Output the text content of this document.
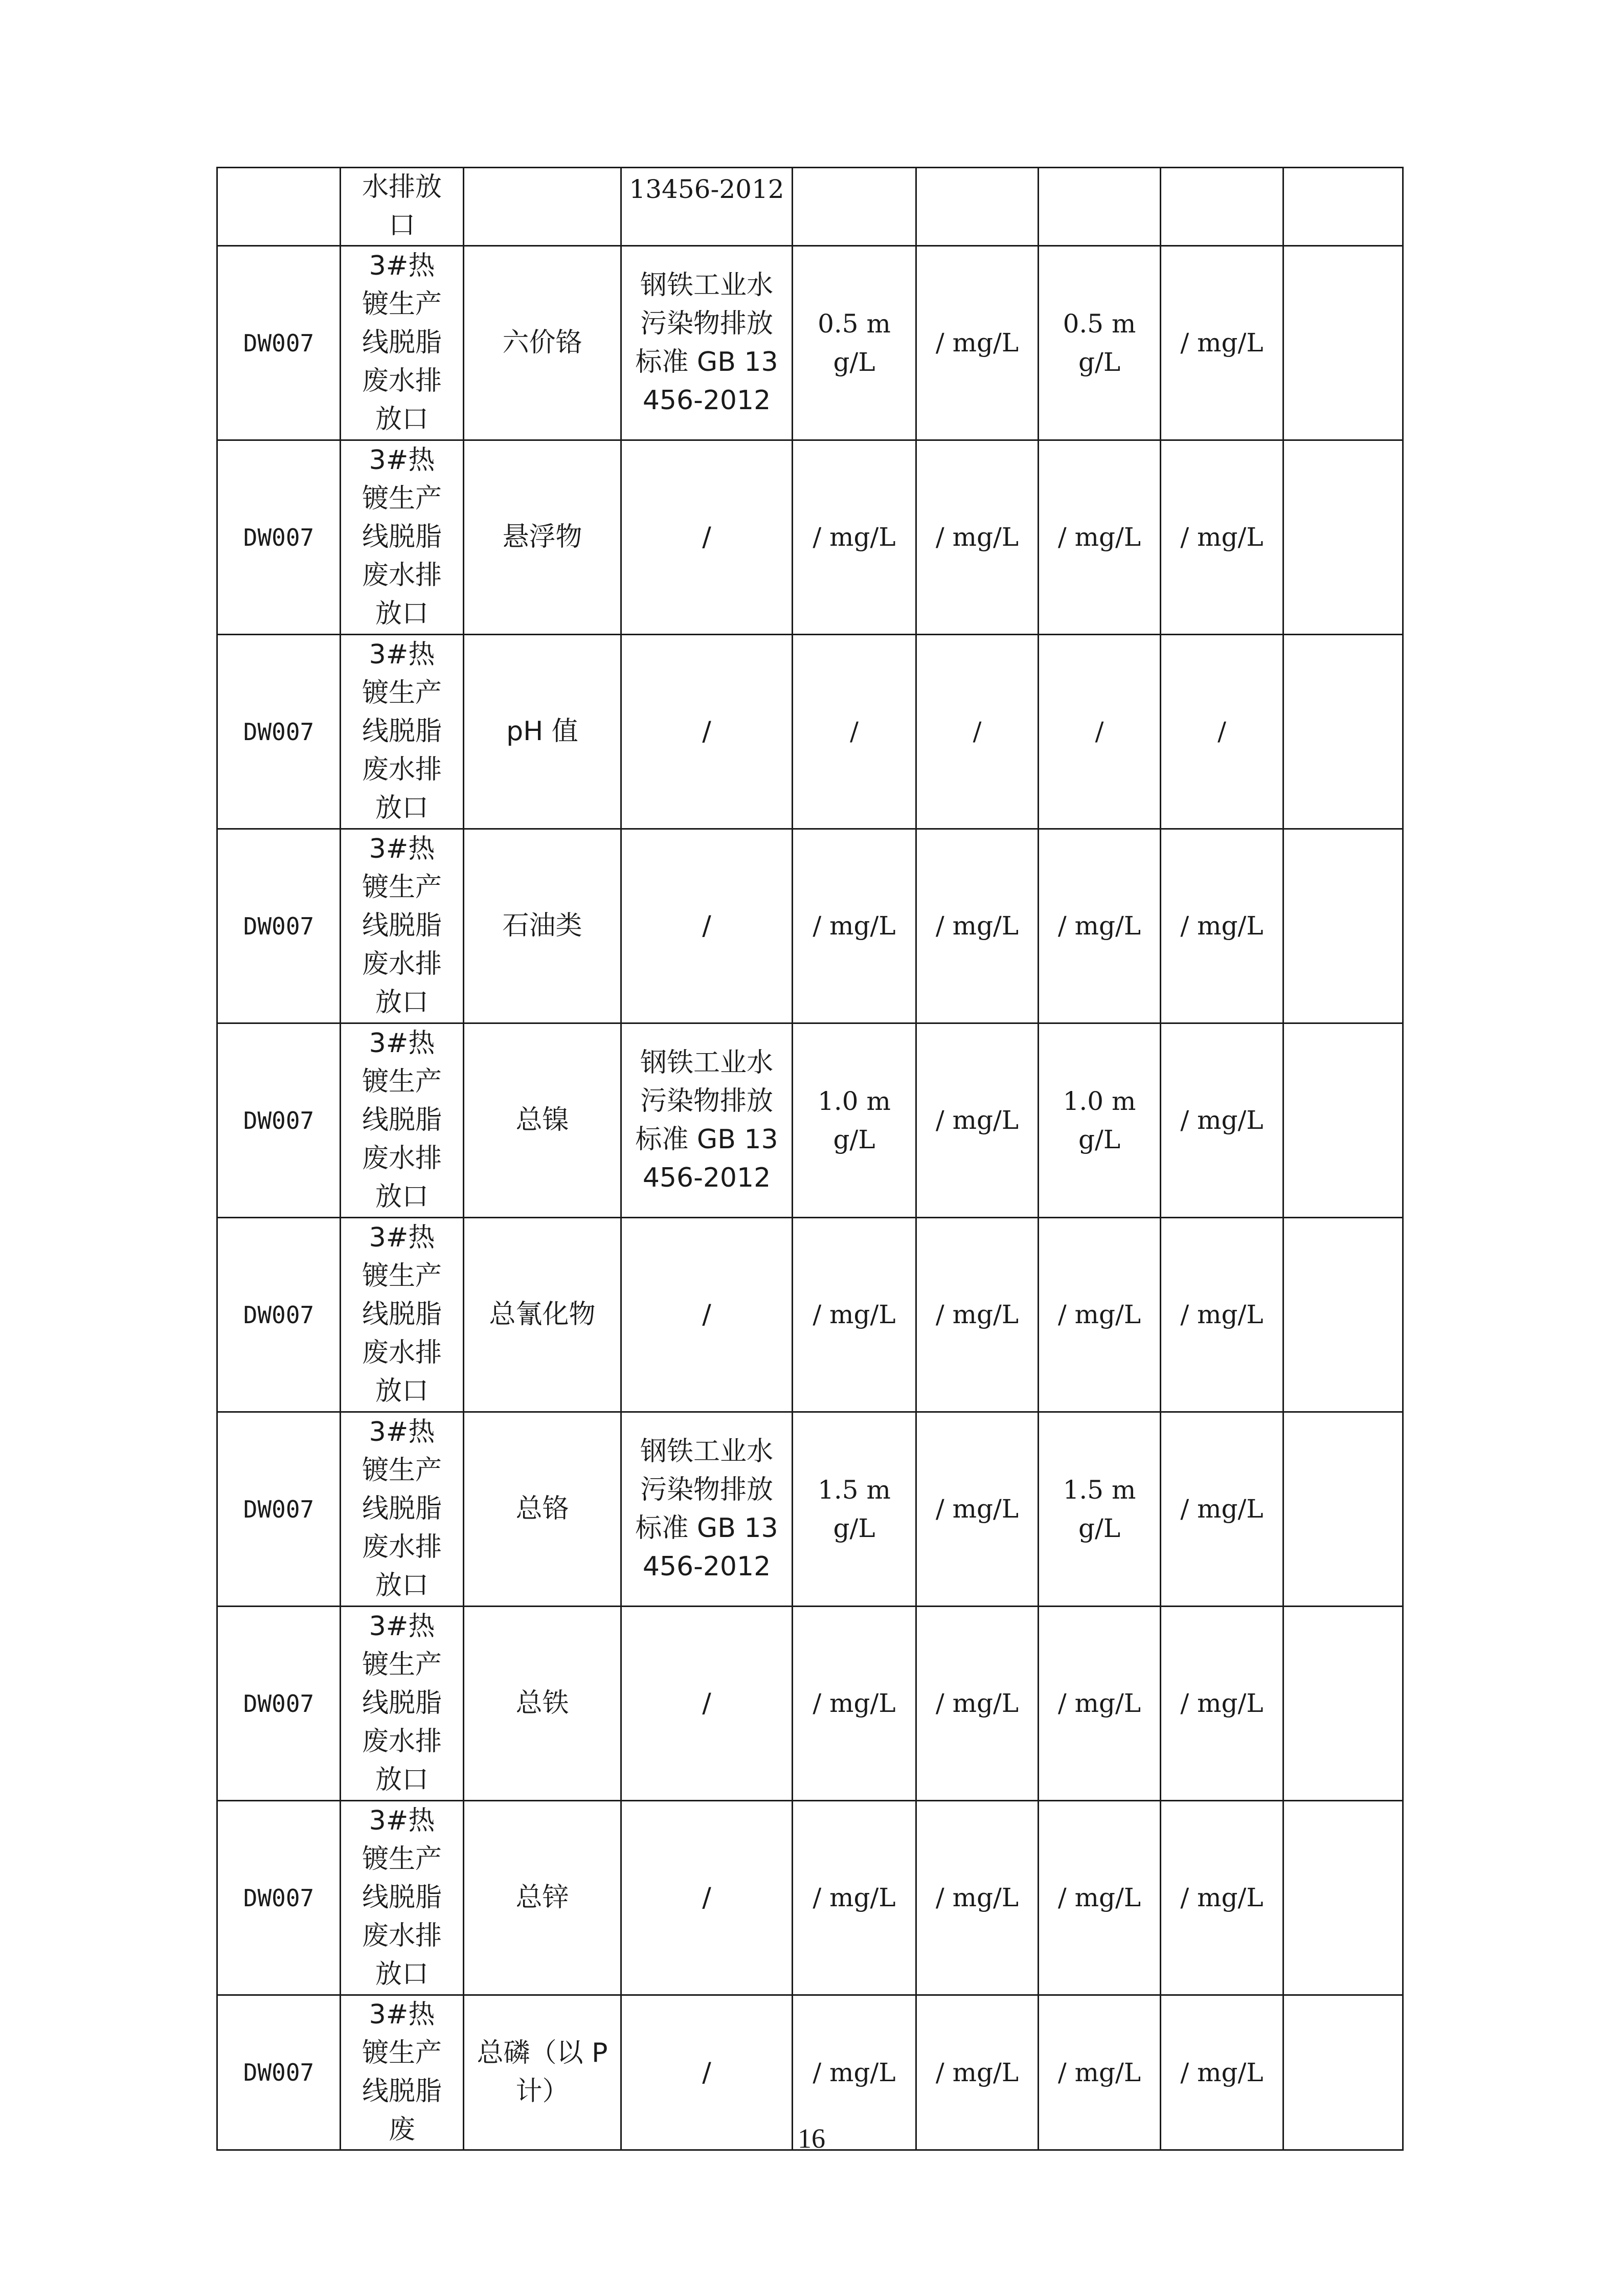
	水排放口		13456-2012					
DW007	3#热镀生产线脱脂废水排放口	六价铬	钢铁工业水污染物排放标准 GB 13456-2012	0.5 mg/L	/ mg/L	0.5 mg/L	/ mg/L	
DW007	3#热镀生产线脱脂废水排放口	悬浮物	/	/ mg/L	/ mg/L	/ mg/L	/ mg/L	
DW007	3#热镀生产线脱脂废水排放口	pH 值	/	/	/	/	/	
DW007	3#热镀生产线脱脂废水排放口	石油类	/	/ mg/L	/ mg/L	/ mg/L	/ mg/L	
DW007	3#热镀生产线脱脂废水排放口	总镍	钢铁工业水污染物排放标准 GB 13456-2012	1.0 mg/L	/ mg/L	1.0 mg/L	/ mg/L	
DW007	3#热镀生产线脱脂废水排放口	总氰化物	/	/ mg/L	/ mg/L	/ mg/L	/ mg/L	
DW007	3#热镀生产线脱脂废水排放口	总铬	钢铁工业水污染物排放标准 GB 13456-2012	1.5 mg/L	/ mg/L	1.5 mg/L	/ mg/L	
DW007	3#热镀生产线脱脂废水排放口	总铁	/	/ mg/L	/ mg/L	/ mg/L	/ mg/L	
DW007	3#热镀生产线脱脂废水排放口	总锌	/	/ mg/L	/ mg/L	/ mg/L	/ mg/L	
DW007	3#热镀生产线脱脂废	总磷（以 P 计）	/	/ mg/L	/ mg/L	/ mg/L	/ mg/L	
16
